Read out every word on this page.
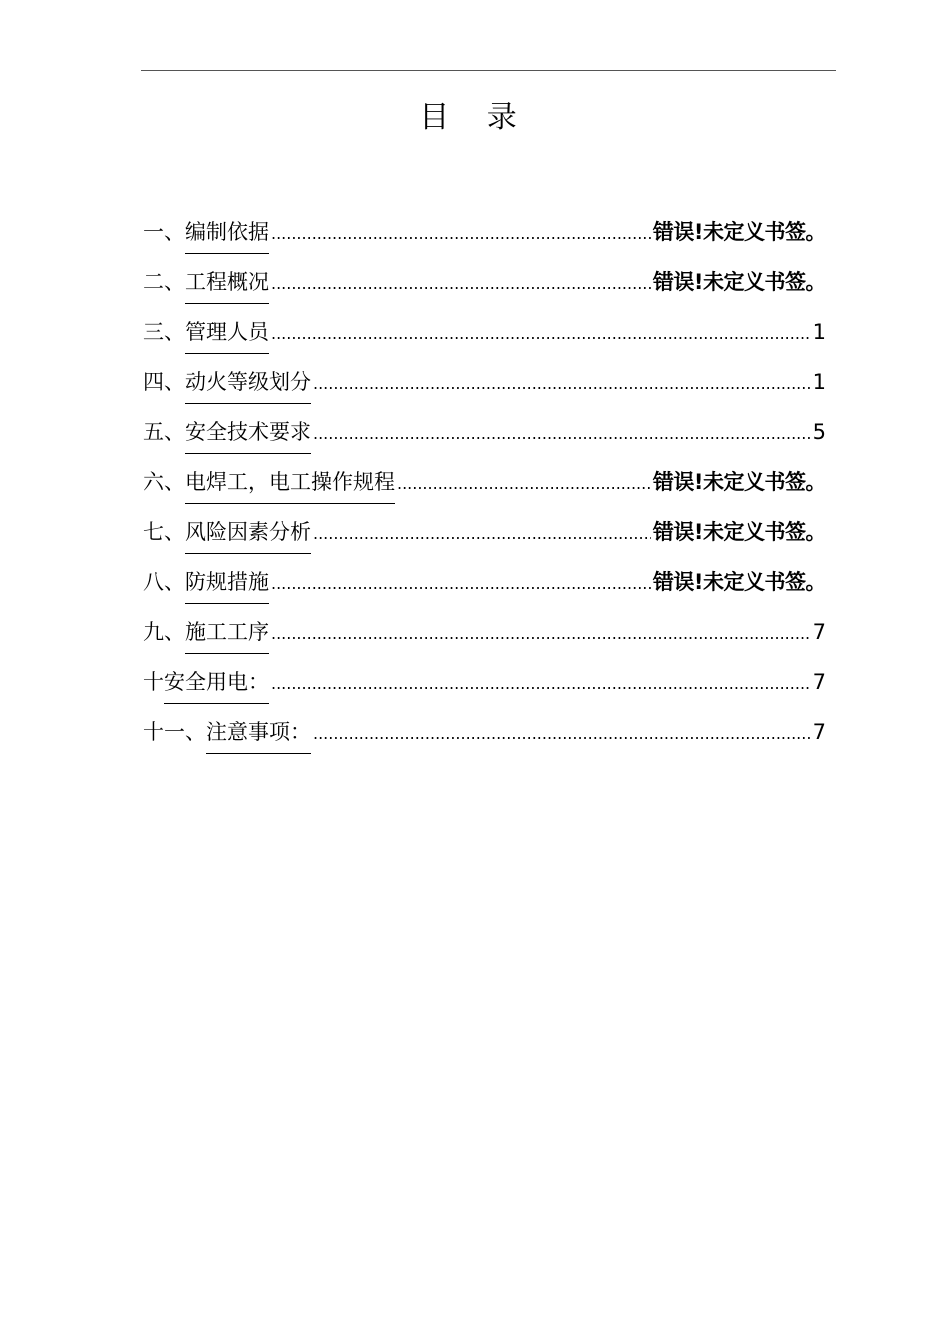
目 录
一、 编制依据 .....	错误!未定义书签。
二、 工程概况 .....	错误!未定义书签。
三、 管理人员 .....	1
四、 动火等级划分 .....	1
五、 安全技术要求 .....	5
六、 电焊工，电工操作规程 .....	错误!未定义书签。
七、 风险因素分析 .....	错误!未定义书签。
八、 防规措施 .....	错误!未定义书签。
九、 施工工序 .....	7
十 安全用电： .....	7
十一、 注意事项： .....	7
